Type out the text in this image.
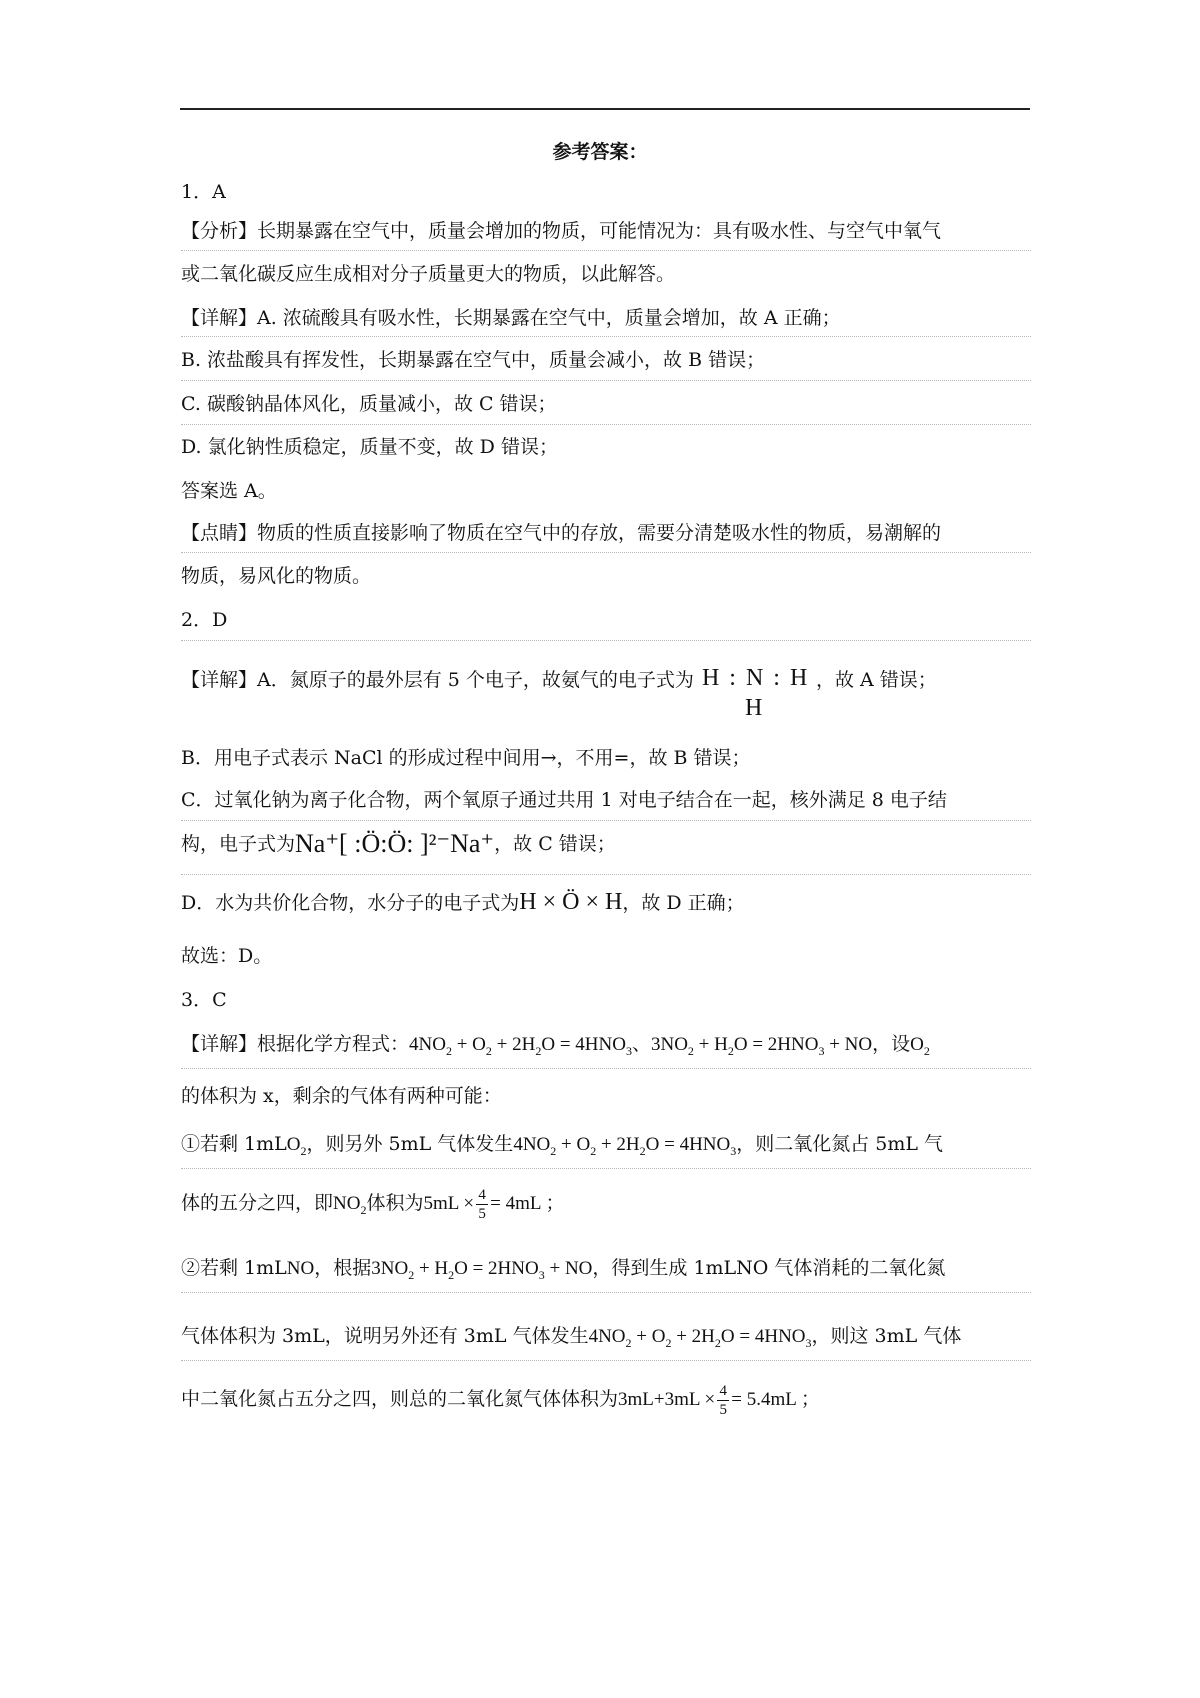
参考答案：
1．A
【分析】长期暴露在空气中，质量会增加的物质，可能情况为：具有吸水性、与空气中氧气
或二氧化碳反应生成相对分子质量更大的物质，以此解答。
【详解】A. 浓硫酸具有吸水性，长期暴露在空气中，质量会增加，故 A 正确；
B. 浓盐酸具有挥发性，长期暴露在空气中，质量会减小，故 B 错误；
C. 碳酸钠晶体风化，质量减小，故 C 错误；
D. 氯化钠性质稳定，质量不变，故 D 错误；
答案选 A。
【点睛】物质的性质直接影响了物质在空气中的存放，需要分清楚吸水性的物质，易潮解的
物质，易风化的物质。
2．D
【详解】A．氮原子的最外层有 5 个电子，故氨气的电子式为 H : N : H
H
，故 A 错误；
B．用电子式表示 NaCl 的形成过程中间用→，不用=，故 B 错误；
C．过氧化钠为离子化合物，两个氧原子通过共用 1 对电子结合在一起，核外满足 8 电子结
构，电子式为Na⁺[ :Ö:Ö: ]²⁻Na⁺，故 C 错误；
D．水为共价化合物，水分子的电子式为H × Ö × H，故 D 正确；
故选：D。
3．C
【详解】根据化学方程式：$4NO_2 + O_2 + 2H_2O = 4HNO_3$、$3NO_2 + H_2O = 2HNO_3$ + NO，设$O_2$
的体积为 x，剩余的气体有两种可能：
①若剩 1mLO$_2$，则另外 5mL 气体发生$4NO_2 + O_2 + 2H_2O = 4HNO_3$，则二氧化氮占 5mL 气
体的五分之四，即$NO_2$体积为$5mL \times \frac{4}{5} = 4mL$ ；
②若剩 1mLNO，根据$3NO_2 + H_2O = 2HNO_3$ + NO，得到生成 1mLNO 气体消耗的二氧化氮
气体体积为 3mL，说明另外还有 3mL 气体发生$4NO_2 + O_2 + 2H_2O = 4HNO_3$，则这 3mL 气体
中二氧化氮占五分之四，则总的二氧化氮气体体积为$3mL+3mL \times \frac{4}{5} = 5.4mL$ ；
